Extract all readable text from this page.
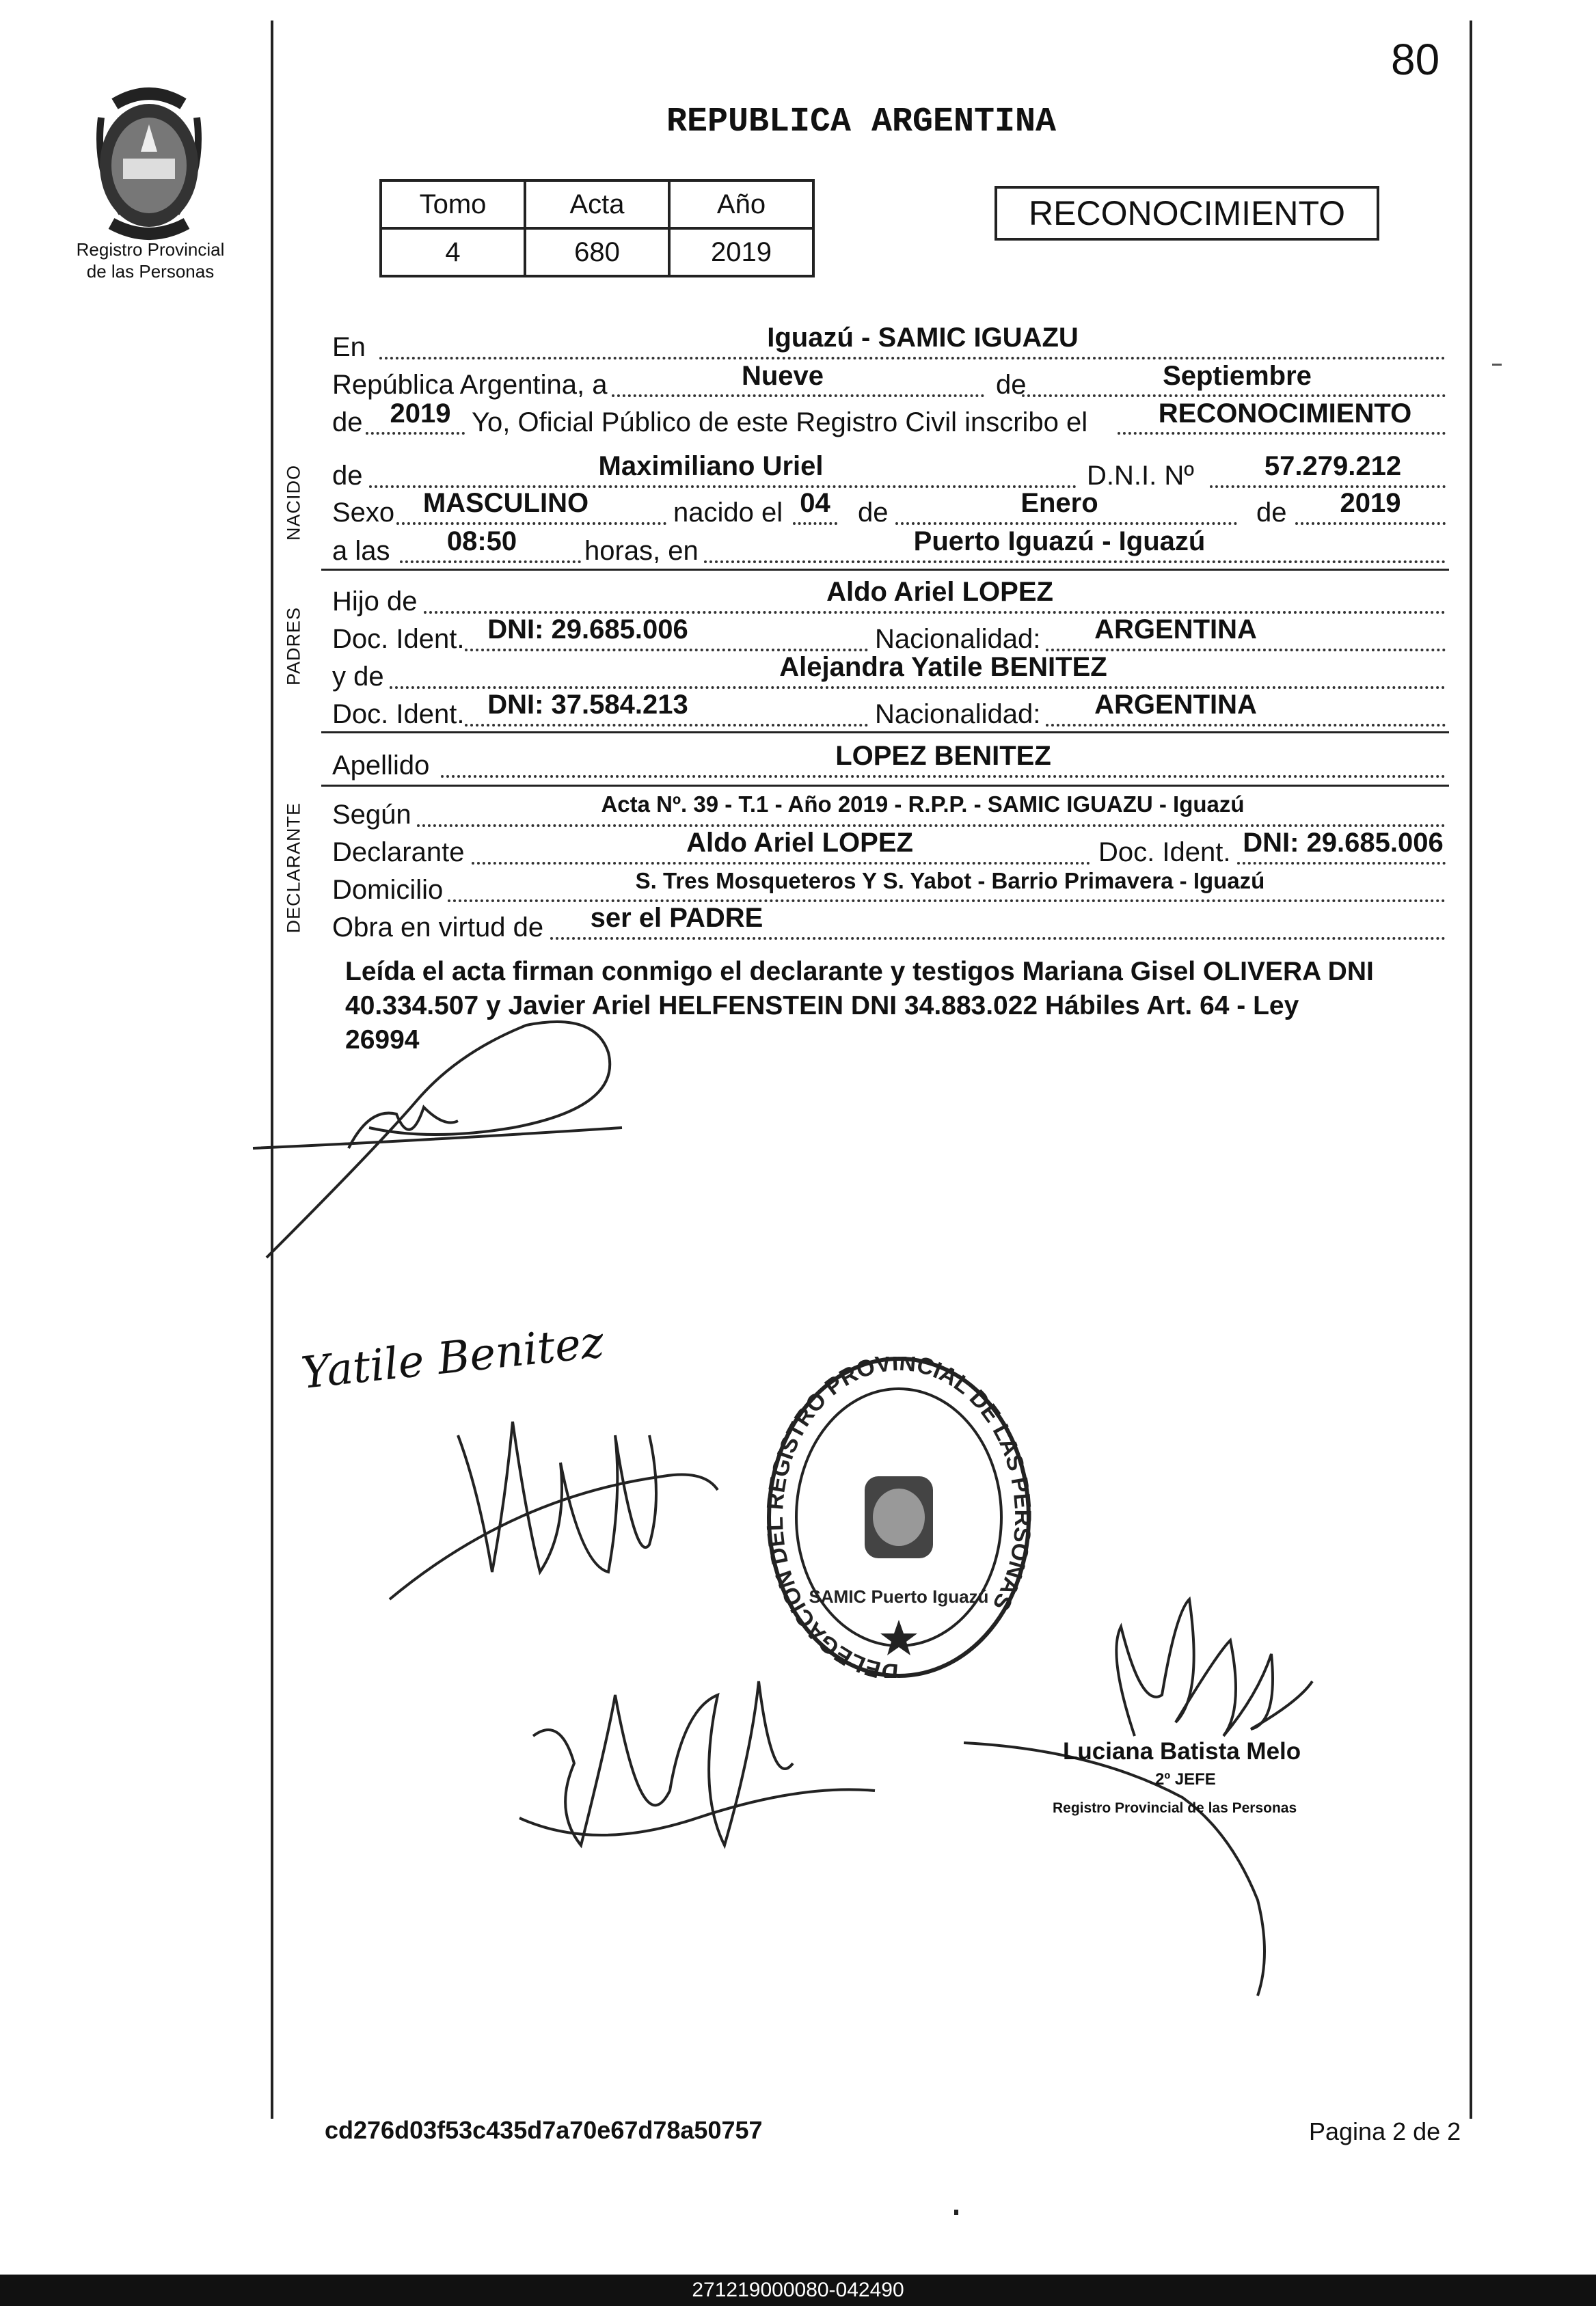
80
Registro Provincial
de las Personas
REPUBLICA ARGENTINA
Tomo	Acta	Año
4	680	2019
RECONOCIMIENTO
NACIDO
PADRES
DECLARANTE
En	Iguazú - SAMIC IGUAZU
República Argentina, a	Nueve	de	Septiembre
de 2019 Yo, Oficial Público de este Registro Civil inscribo el	RECONOCIMIENTO
de	Maximiliano Uriel	D.N.I. Nº	57.279.212
Sexo	MASCULINO	nacido el 04 de	Enero	de	2019
a las	08:50	horas, en	Puerto Iguazú - Iguazú
Hijo de	Aldo Ariel LOPEZ
Doc. Ident. DNI: 29.685.006	Nacionalidad:	ARGENTINA
y de	Alejandra Yatile BENITEZ
Doc. Ident. DNI: 37.584.213	Nacionalidad:	ARGENTINA
Apellido	LOPEZ BENITEZ
Según	Acta Nº. 39 - T.1 - Año 2019 - R.P.P. - SAMIC IGUAZU - Iguazú
Declarante	Aldo Ariel LOPEZ	Doc. Ident. DNI: 29.685.006
Domicilio	S. Tres Mosqueteros Y S. Yabot - Barrio Primavera - Iguazú
Obra en virtud de	ser el PADRE
Leída el acta firman conmigo el declarante y testigos Mariana Gisel OLIVERA DNI
40.334.507 y Javier Ariel HELFENSTEIN DNI 34.883.022 Hábiles Art. 64 - Ley
26994
Yatile Benitez
DELEGACION D EGISTRO PROVINCIAL DE LAS P ONAS
SAMIC Puerto Iguazú
Luciana Batista Melo
2º JEFE
Registro Provincial de las Personas
cd276d03f53c435d7a70e67d78a50757	Pagina 2 de 2
271219000080-042490
